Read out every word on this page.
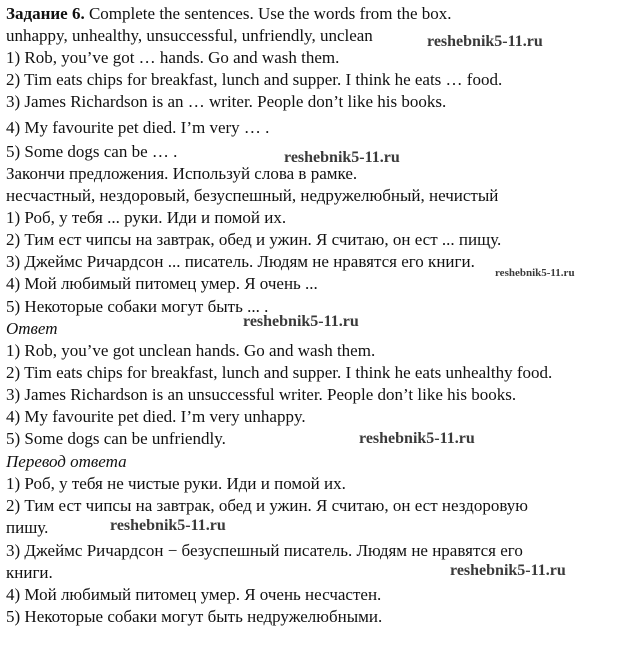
Задание 6. Complete the sentences. Use the words from the box.
unhappy, unhealthy, unsuccessful, unfriendly, unclean
1) Rob, you’ve got … hands. Go and wash them.
2) Tim eats chips for breakfast, lunch and supper. I think he eats … food.
3) James Richardson is an … writer. People don’t like his books.
4) My favourite pet died. I’m very … .
5) Some dogs can be … .
Закончи предложения. Используй слова в рамке.
несчастный, нездоровый, безуспешный, недружелюбный, нечистый
1) Роб, у тебя ... руки. Иди и помой их.
2) Тим ест чипсы на завтрак, обед и ужин. Я считаю, он ест ... пищу.
3) Джеймс Ричардсон ... писатель. Людям не нравятся его книги.
4) Мой любимый питомец умер. Я очень ...
5) Некоторые собаки могут быть ... .
Ответ
1) Rob, you’ve got unclean hands. Go and wash them.
2) Tim eats chips for breakfast, lunch and supper. I think he eats unhealthy food.
3) James Richardson is an unsuccessful writer. People don’t like his books.
4) My favourite pet died. I’m very unhappy.
5) Some dogs can be unfriendly.
Перевод ответа
1) Роб, у тебя не чистые руки. Иди и помой их.
2) Тим ест чипсы на завтрак, обед и ужин. Я считаю, он ест нездоровую
пишу.
3) Джеймс Ричардсон − безуспешный писатель. Людям не нравятся его
книги.
4) Мой любимый питомец умер. Я очень несчастен.
5) Некоторые собаки могут быть недружелюбными.
reshebnik5-11.ru
reshebnik5-11.ru
reshebnik5-11.ru
reshebnik5-11.ru
reshebnik5-11.ru
reshebnik5-11.ru
reshebnik5-11.ru
